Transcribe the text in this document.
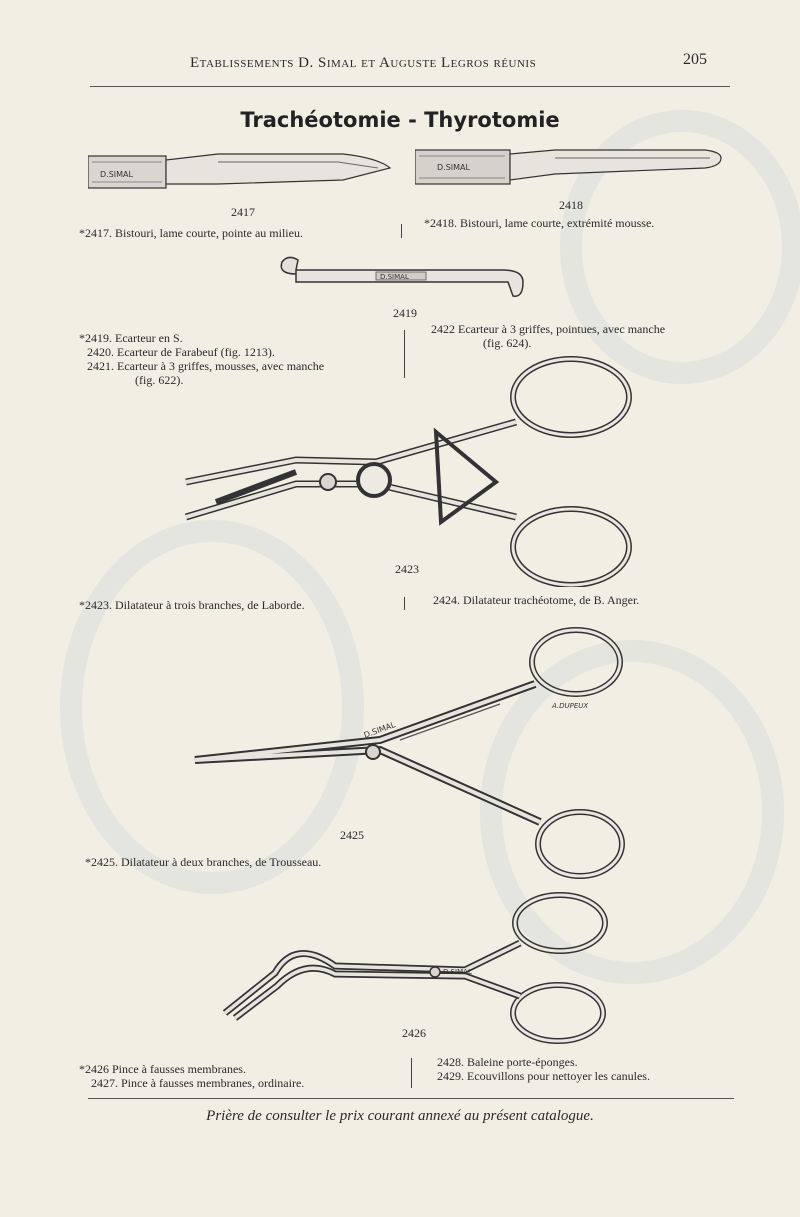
Etablissements D. Simal et Auguste Legros réunis	205
Trachéotomie - Thyrotomie
D.SIMAL
D.SIMAL
2417	2418
*2417. Bistouri, lame courte, pointe au milieu.
*2418. Bistouri, lame courte, extrémité mousse.
D.SIMAL
2419
*2419. Ecarteur en S.
2420. Ecarteur de Farabeuf (fig. 1213).
2421. Ecarteur à 3 griffes, mousses, avec manche
(fig. 622).
2422 Ecarteur à 3 griffes, pointues, avec manche
(fig. 624).
2423
*2423. Dilatateur à trois branches, de Laborde.	2424. Dilatateur trachéotome, de B. Anger.
D.SIMAL
A.DUPEUX
2425
*2425. Dilatateur à deux branches, de Trousseau.
D.SIMAL
2426
*2426 Pince à fausses membranes.
2427. Pince à fausses membranes, ordinaire.
2428. Baleine porte-éponges.
2429. Ecouvillons pour nettoyer les canules.
Prière de consulter le prix courant annexé au présent catalogue.
